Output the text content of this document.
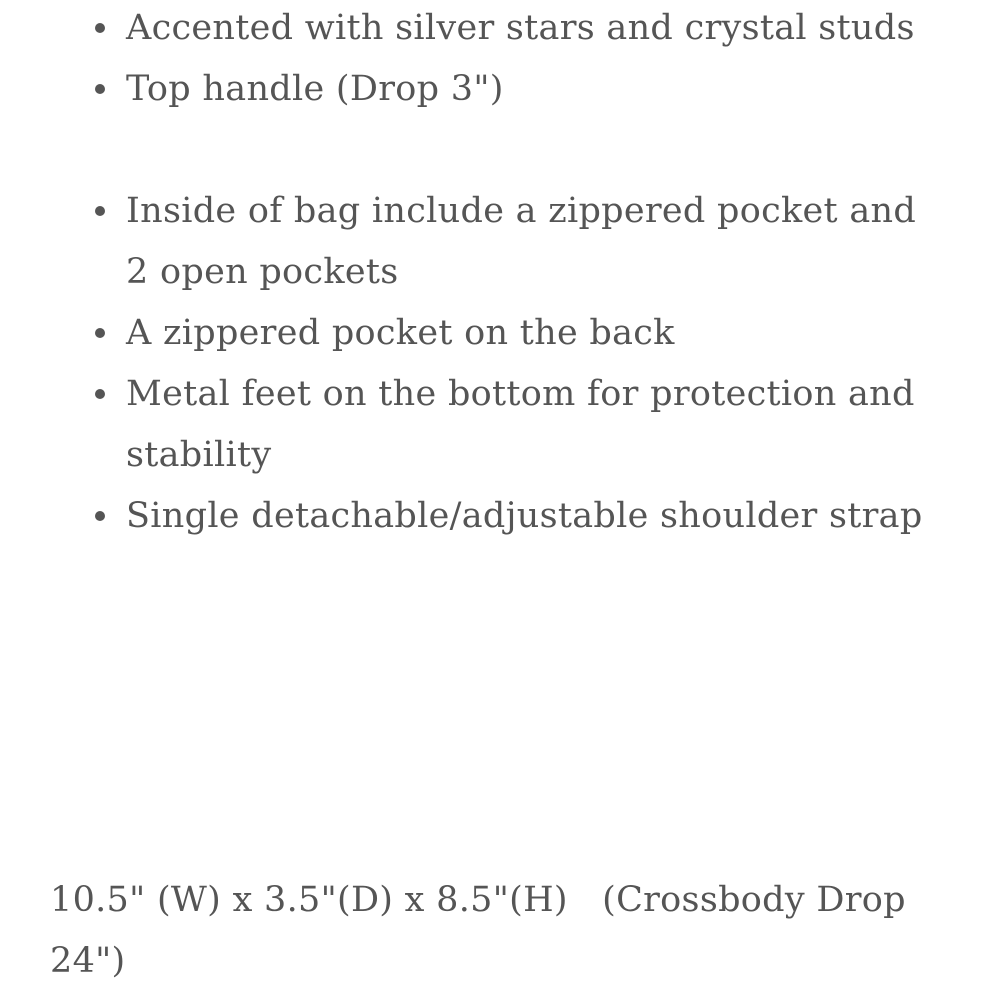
Accented with silver stars and crystal studs
Top handle (Drop 3")
Inside of bag include a zippered pocket and 2 open pockets
A zippered pocket on the back
Metal feet on the bottom for protection and stability
Single detachable/adjustable shoulder strap

10.5" (W) x 3.5"(D) x 8.5"(H)   (Crossbody Drop 24")
